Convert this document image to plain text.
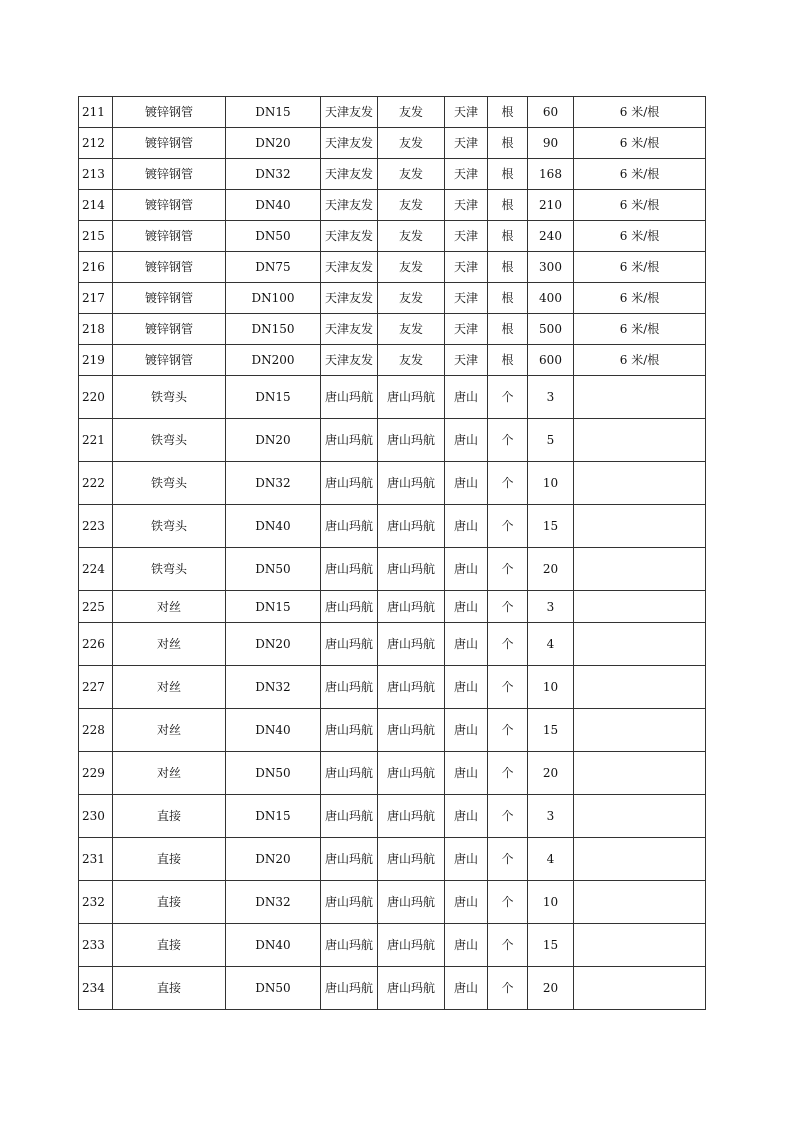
211	镀锌钢管	DN15	天津友发	友发	天津	根	60	6 米/根
212	镀锌钢管	DN20	天津友发	友发	天津	根	90	6 米/根
213	镀锌钢管	DN32	天津友发	友发	天津	根	168	6 米/根
214	镀锌钢管	DN40	天津友发	友发	天津	根	210	6 米/根
215	镀锌钢管	DN50	天津友发	友发	天津	根	240	6 米/根
216	镀锌钢管	DN75	天津友发	友发	天津	根	300	6 米/根
217	镀锌钢管	DN100	天津友发	友发	天津	根	400	6 米/根
218	镀锌钢管	DN150	天津友发	友发	天津	根	500	6 米/根
219	镀锌钢管	DN200	天津友发	友发	天津	根	600	6 米/根
220	铁弯头	DN15	唐山玛航	唐山玛航	唐山	个	3	
221	铁弯头	DN20	唐山玛航	唐山玛航	唐山	个	5	
222	铁弯头	DN32	唐山玛航	唐山玛航	唐山	个	10	
223	铁弯头	DN40	唐山玛航	唐山玛航	唐山	个	15	
224	铁弯头	DN50	唐山玛航	唐山玛航	唐山	个	20	
225	对丝	DN15	唐山玛航	唐山玛航	唐山	个	3	
226	对丝	DN20	唐山玛航	唐山玛航	唐山	个	4	
227	对丝	DN32	唐山玛航	唐山玛航	唐山	个	10	
228	对丝	DN40	唐山玛航	唐山玛航	唐山	个	15	
229	对丝	DN50	唐山玛航	唐山玛航	唐山	个	20	
230	直接	DN15	唐山玛航	唐山玛航	唐山	个	3	
231	直接	DN20	唐山玛航	唐山玛航	唐山	个	4	
232	直接	DN32	唐山玛航	唐山玛航	唐山	个	10	
233	直接	DN40	唐山玛航	唐山玛航	唐山	个	15	
234	直接	DN50	唐山玛航	唐山玛航	唐山	个	20	
